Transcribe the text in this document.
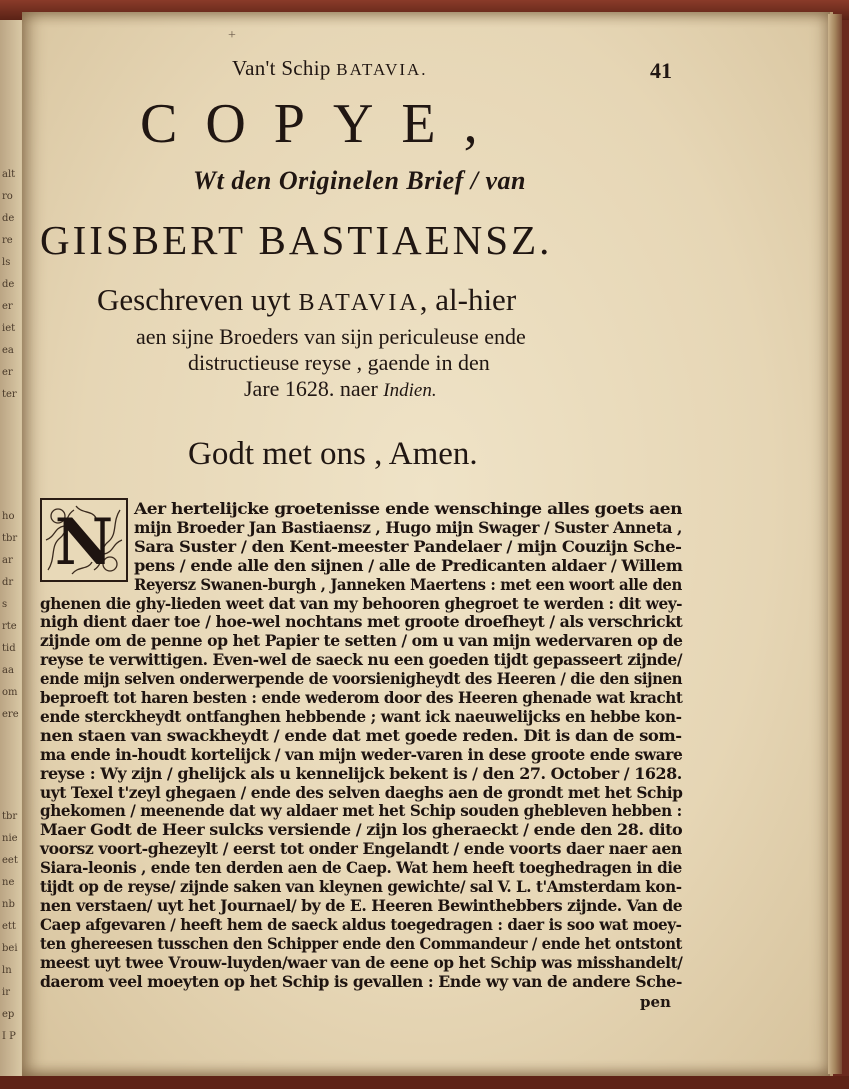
alt
ro
de
re
ls
de
er
iet
ea
er
ter
ho
tbr
ar
dr
s
rte
tid
aa
om
ere
tbr
nie
eet
ne
nb
ett
bei
ln
ir
ep
I P
+
Van't Schip BATAVIA.	41
COPYE,
Wt den Originelen Brief / van
GIISBERT BASTIAENSZ.
Geschreven uyt BATAVIA, al-hier
aen sijne Broeders van sijn periculeuse ende
distructieuse reyse , gaende in den
Jare 1628. naer Indien.
Godt met ons , Amen.
N Aer hertelijcke groetenisse ende wenschinge alles goets aen
mijn Broeder Jan Bastiaensz , Hugo mijn Swager / Suster Anneta ,
Sara Suster / den Kent-meester Pandelaer / mijn Couzijn Sche-
pens / ende alle den sijnen / alle de Predicanten aldaer / Willem
Reyersz Swanen-burgh , Janneken Maertens : met een woort alle den
ghenen die ghy-lieden weet dat van my behooren ghegroet te werden : dit wey-
nigh dient daer toe / hoe-wel nochtans met groote droefheyt / als verschrickt
zijnde om de penne op het Papier te setten / om u van mijn wedervaren op de
reyse te verwittigen. Even-wel de saeck nu een goeden tijdt gepasseert zijnde/
ende mijn selven onderwerpende de voorsienigheydt des Heeren / die den sijnen
beproeft tot haren besten : ende wederom door des Heeren ghenade wat kracht
ende sterckheydt ontfanghen hebbende ; want ick naeuwelijcks en hebbe kon-
nen staen van swackheydt / ende dat met goede reden. Dit is dan de som-
ma ende in-houdt kortelijck / van mijn weder-varen in dese groote ende sware
reyse : Wy zijn / ghelijck als u kennelijck bekent is / den 27. October / 1628.
uyt Texel t'zeyl ghegaen / ende des selven daeghs aen de grondt met het Schip
ghekomen / meenende dat wy aldaer met het Schip souden ghebleven hebben :
Maer Godt de Heer sulcks versiende / zijn los gheraeckt / ende den 28. dito
voorsz voort-ghezeylt / eerst tot onder Engelandt / ende voorts daer naer aen
Siara-leonis , ende ten derden aen de Caep. Wat hem heeft toeghedragen in die
tijdt op de reyse/ zijnde saken van kleynen gewichte/ sal V. L. t'Amsterdam kon-
nen verstaen/ uyt het Journael/ by de E. Heeren Bewinthebbers zijnde. Van de
Caep afgevaren / heeft hem de saeck aldus toegedragen : daer is soo wat moey-
ten ghereesen tusschen den Schipper ende den Commandeur / ende het ontstont
meest uyt twee Vrouw-luyden/waer van de eene op het Schip was misshandelt/
daerom veel moeyten op het Schip is gevallen : Ende wy van de andere Sche-
pen
